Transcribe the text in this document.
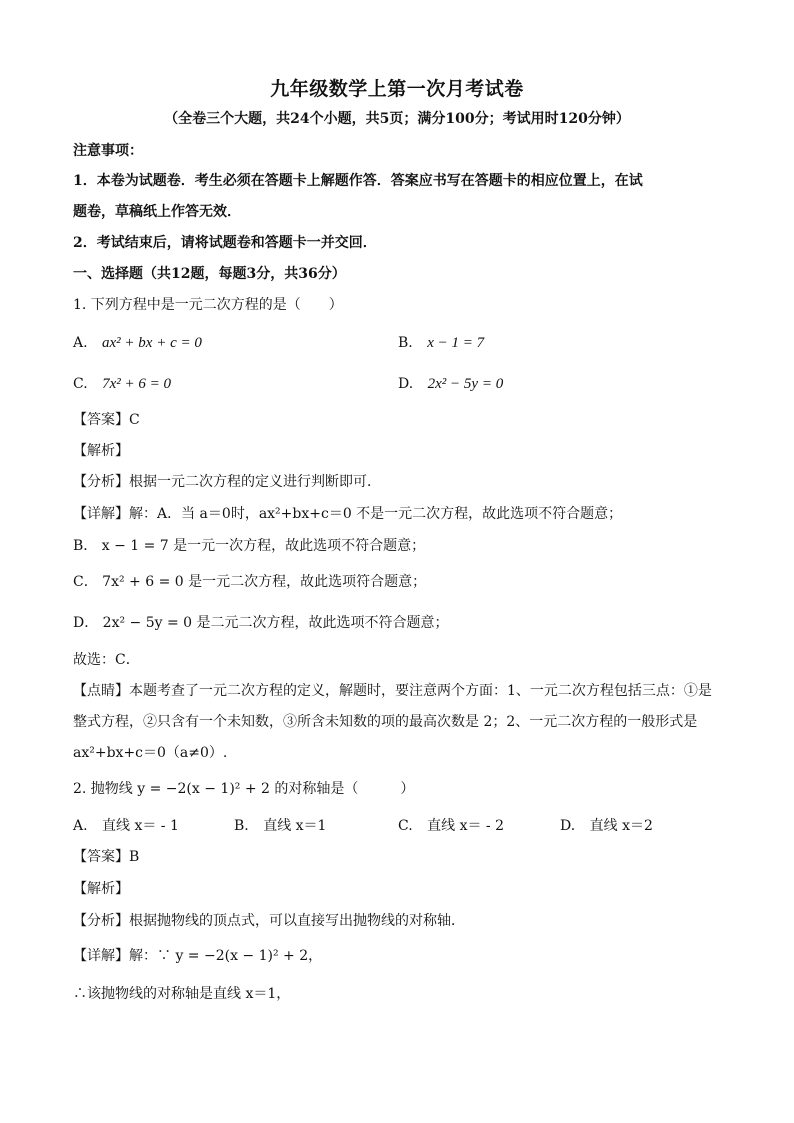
九年级数学上第一次月考试卷
（全卷三个大题，共24个小题，共5页；满分100分；考试用时120分钟）
注意事项：
1．本卷为试题卷．考生必须在答题卡上解题作答．答案应书写在答题卡的相应位置上，在试
题卷，草稿纸上作答无效．
2．考试结束后，请将试题卷和答题卡一并交回．
一、选择题（共12题，每题3分，共36分）
1. 下列方程中是一元二次方程的是（　　）
A. ax² + bx + c = 0	B. x − 1 = 7
C. 7x² + 6 = 0	D. 2x² − 5y = 0
【答案】C
【解析】
【分析】根据一元二次方程的定义进行判断即可．
【详解】解：A．当 a＝0时，ax²+bx+c＝0 不是一元二次方程，故此选项不符合题意；
B． x − 1 = 7 是一元一次方程，故此选项不符合题意；
C． 7x² + 6 = 0 是一元二次方程，故此选项符合题意；
D． 2x² − 5y = 0 是二元二次方程，故此选项不符合题意；
故选：C．
【点睛】本题考查了一元二次方程的定义，解题时，要注意两个方面：1、一元二次方程包括三点：①是
整式方程，②只含有一个未知数，③所含未知数的项的最高次数是 2；2、一元二次方程的一般形式是
ax²+bx+c＝0（a≠0）.
2. 抛物线 y = −2(x − 1)² + 2 的对称轴是（　　　）
A. 直线 x＝ - 1	B. 直线 x＝1	C. 直线 x＝ - 2	D. 直线 x＝2
【答案】B
【解析】
【分析】根据抛物线的顶点式，可以直接写出抛物线的对称轴．
【详解】解：∵ y = −2(x − 1)² + 2，
∴该抛物线的对称轴是直线 x＝1，
